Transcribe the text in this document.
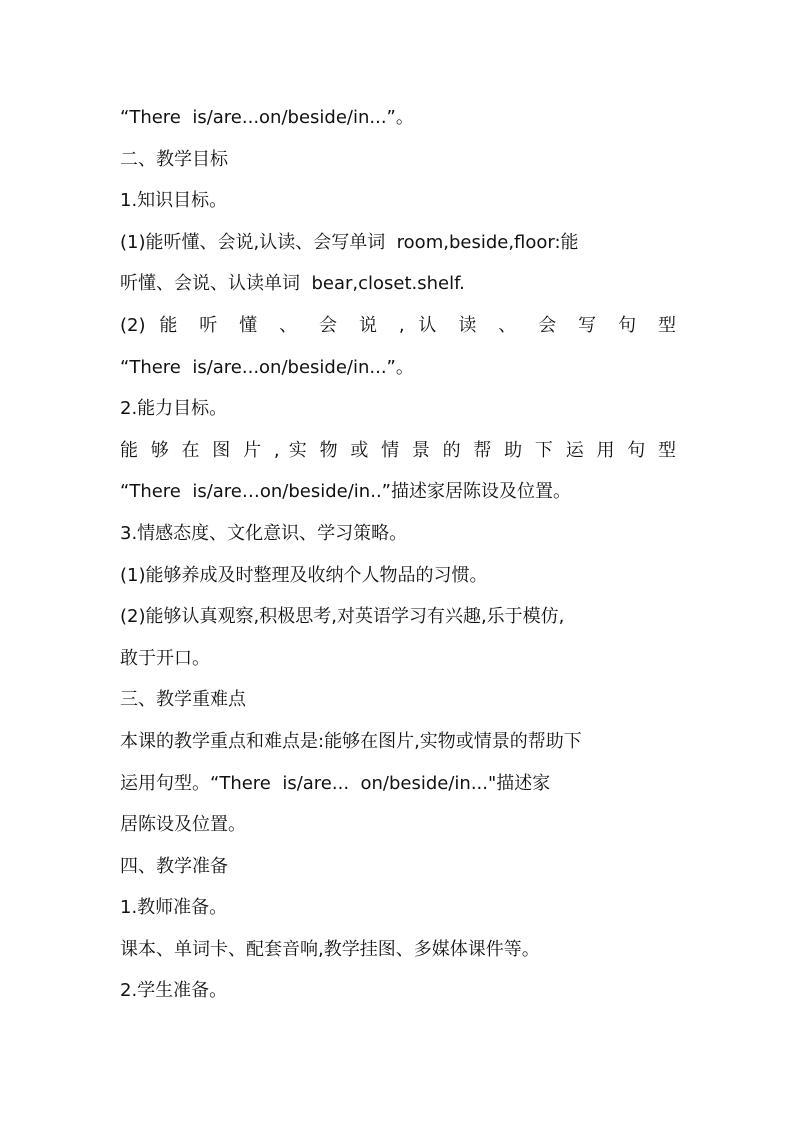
“There  is/are...on/beside/in...”。
二、教学目标
1.知识目标。
(1)能听懂、会说,认读、会写单词  room,beside,floor:能
听懂、会说、认读单词  bear,closet.shelf.
(2) 能 听 懂 、 会 说 , 认 读 、 会 写 句 型
“There  is/are...on/beside/in...”。
2.能力目标。
能 够 在 图 片 , 实 物 或 情 景 的 帮 助 下 运 用 句 型
“There  is/are…on/beside/in..”描述家居陈设及位置。
3.情感态度、文化意识、学习策略。
(1)能够养成及时整理及收纳个人物品的习惯。
(2)能够认真观察,积极思考,对英语学习有兴趣,乐于模仿,
敢于开口。
三、教学重难点
本课的教学重点和难点是:能够在图片,实物或情景的帮助下
运用句型。“There  is/are...  on/beside/in..."描述家
居陈设及位置。
四、教学准备
1.教师准备。
课本、单词卡、配套音响,教学挂图、多媒体课件等。
2.学生准备。
